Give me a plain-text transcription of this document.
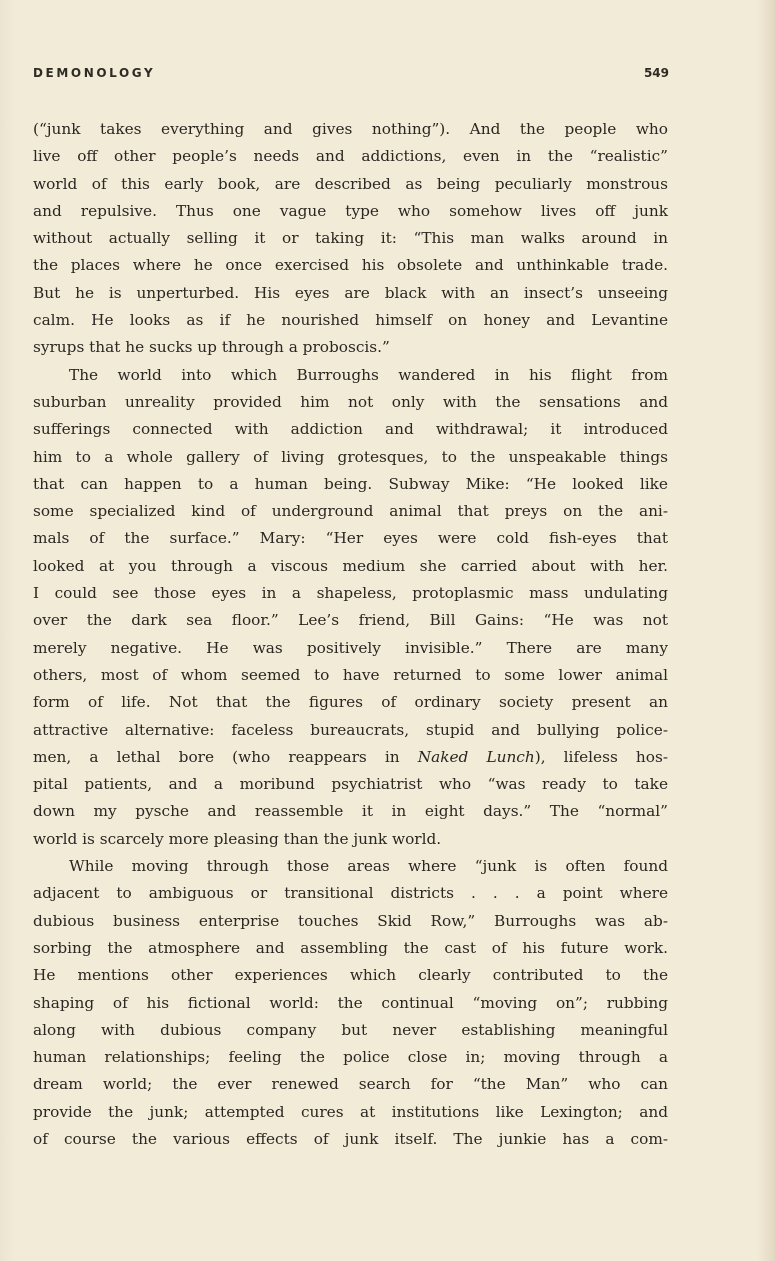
DEMONOLOGY	549
(“junk takes everything and gives nothing”). And the people who
live off other people’s needs and addictions, even in the “realistic”
world of this early book, are described as being peculiarly monstrous
and repulsive. Thus one vague type who somehow lives off junk
without actually selling it or taking it: “This man walks around in
the places where he once exercised his obsolete and unthinkable trade.
But he is unperturbed. His eyes are black with an insect’s unseeing
calm. He looks as if he nourished himself on honey and Levantine
syrups that he sucks up through a proboscis.”
The world into which Burroughs wandered in his flight from
suburban unreality provided him not only with the sensations and
sufferings connected with addiction and withdrawal; it introduced
him to a whole gallery of living grotesques, to the unspeakable things
that can happen to a human being. Subway Mike: “He looked like
some specialized kind of underground animal that preys on the ani-
mals of the surface.” Mary: “Her eyes were cold fish-eyes that
looked at you through a viscous medium she carried about with her.
I could see those eyes in a shapeless, protoplasmic mass undulating
over the dark sea floor.” Lee’s friend, Bill Gains: “He was not
merely negative. He was positively invisible.” There are many
others, most of whom seemed to have returned to some lower animal
form of life. Not that the figures of ordinary society present an
attractive alternative: faceless bureaucrats, stupid and bullying police-
men, a lethal bore (who reappears in Naked Lunch), lifeless hos-
pital patients, and a moribund psychiatrist who “was ready to take
down my pysche and reassemble it in eight days.” The “normal”
world is scarcely more pleasing than the junk world.
While moving through those areas where “junk is often found
adjacent to ambiguous or transitional districts . . . a point where
dubious business enterprise touches Skid Row,” Burroughs was ab-
sorbing the atmosphere and assembling the cast of his future work.
He mentions other experiences which clearly contributed to the
shaping of his fictional world: the continual “moving on”; rubbing
along with dubious company but never establishing meaningful
human relationships; feeling the police close in; moving through a
dream world; the ever renewed search for “the Man” who can
provide the junk; attempted cures at institutions like Lexington; and
of course the various effects of junk itself. The junkie has a com-
